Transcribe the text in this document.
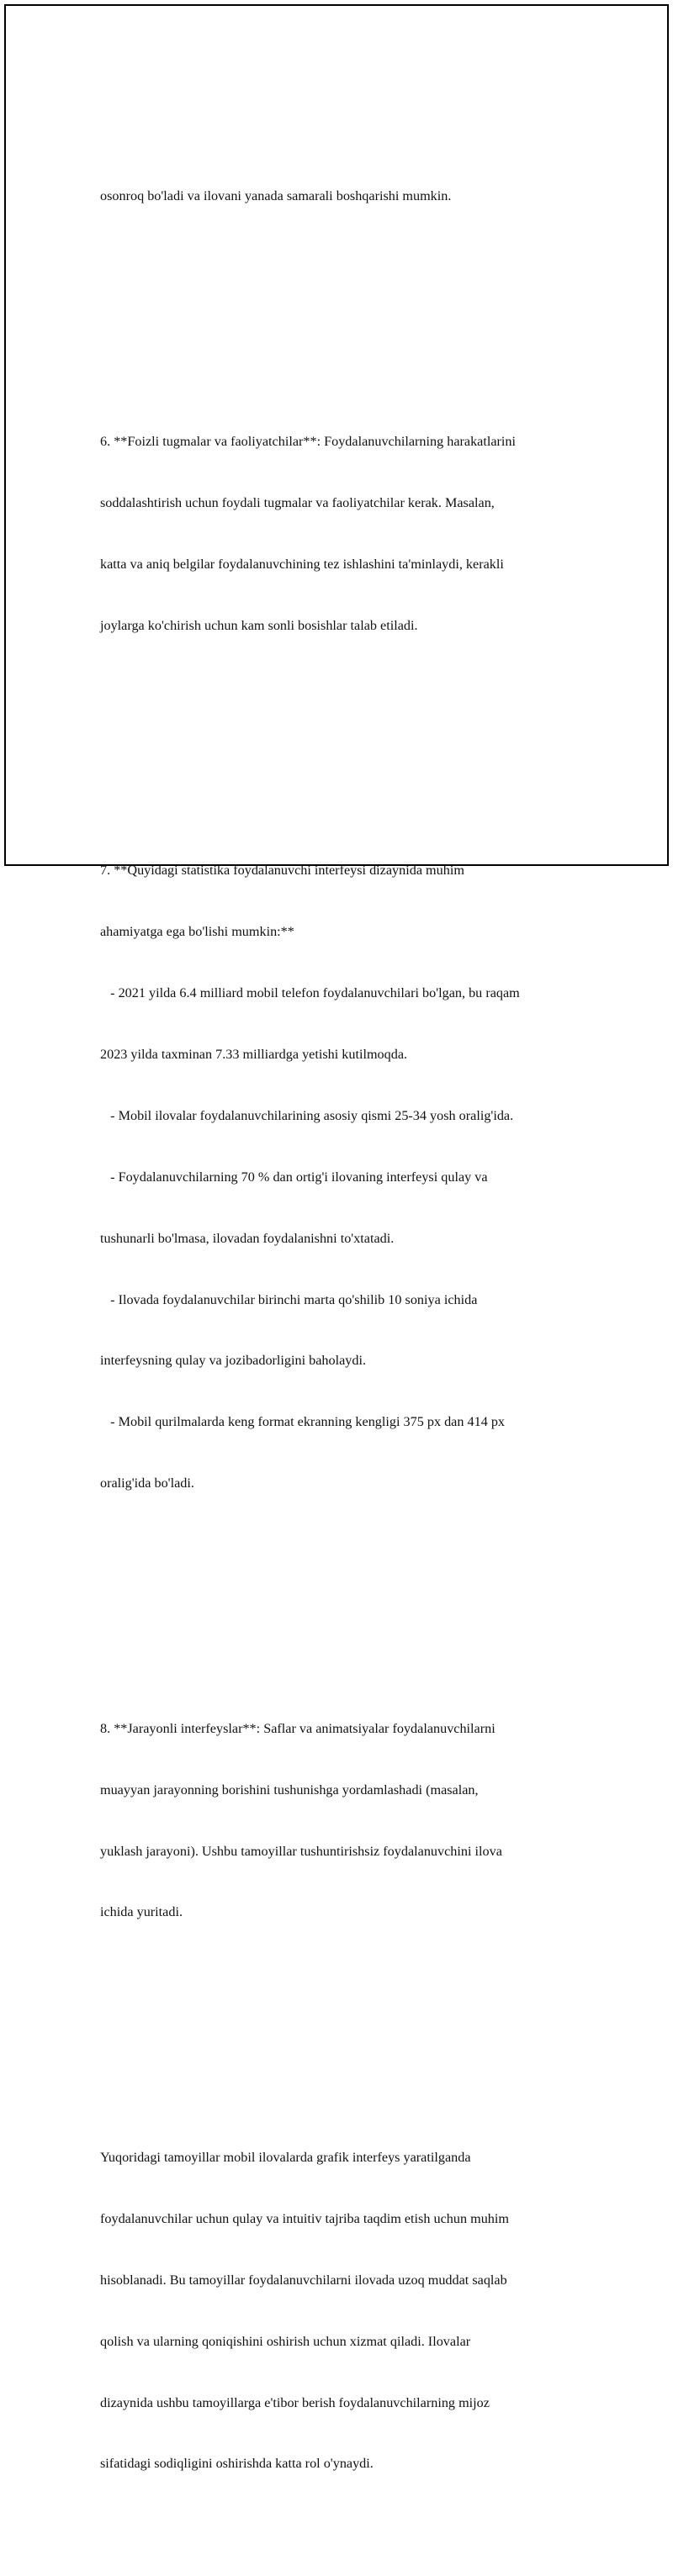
osonroq bo'ladi va ilovani yanada samarali boshqarishi mumkin.

6. **Foizli tugmalar va faoliyatchilar**: Foydalanuvchilarning harakatlarini

soddalashtirish uchun foydali tugmalar va faoliyatchilar kerak. Masalan,

katta va aniq belgilar foydalanuvchining tez ishlashini ta'minlaydi, kerakli

joylarga ko'chirish uchun kam sonli bosishlar talab etiladi.

7. **Quyidagi statistika foydalanuvchi interfeysi dizaynida muhim

ahamiyatga ega bo'lishi mumkin:**

- 2021 yilda 6.4 milliard mobil telefon foydalanuvchilari bo'lgan, bu raqam

2023 yilda taxminan 7.33 milliardga yetishi kutilmoqda.

- Mobil ilovalar foydalanuvchilarining asosiy qismi 25-34 yosh oralig'ida.

- Foydalanuvchilarning 70 % dan ortig'i ilovaning interfeysi qulay va

tushunarli bo'lmasa, ilovadan foydalanishni to'xtatadi.

- Ilovada foydalanuvchilar birinchi marta qo'shilib 10 soniya ichida

interfeysning qulay va jozibadorligini baholaydi.

- Mobil qurilmalarda keng format ekranning kengligi 375 px dan 414 px

oralig'ida bo'ladi.

8. **Jarayonli interfeyslar**: Saflar va animatsiyalar foydalanuvchilarni

muayyan jarayonning borishini tushunishga yordamlashadi (masalan,

yuklash jarayoni). Ushbu tamoyillar tushuntirishsiz foydalanuvchini ilova

ichida yuritadi.

Yuqoridagi tamoyillar mobil ilovalarda grafik interfeys yaratilganda

foydalanuvchilar uchun qulay va intuitiv tajriba taqdim etish uchun muhim

hisoblanadi. Bu tamoyillar foydalanuvchilarni ilovada uzoq muddat saqlab

qolish va ularning qoniqishini oshirish uchun xizmat qiladi. Ilovalar

dizaynida ushbu tamoyillarga e'tibor berish foydalanuvchilarning mijoz

sifatidagi sodiqligini oshirishda katta rol o'ynaydi.
